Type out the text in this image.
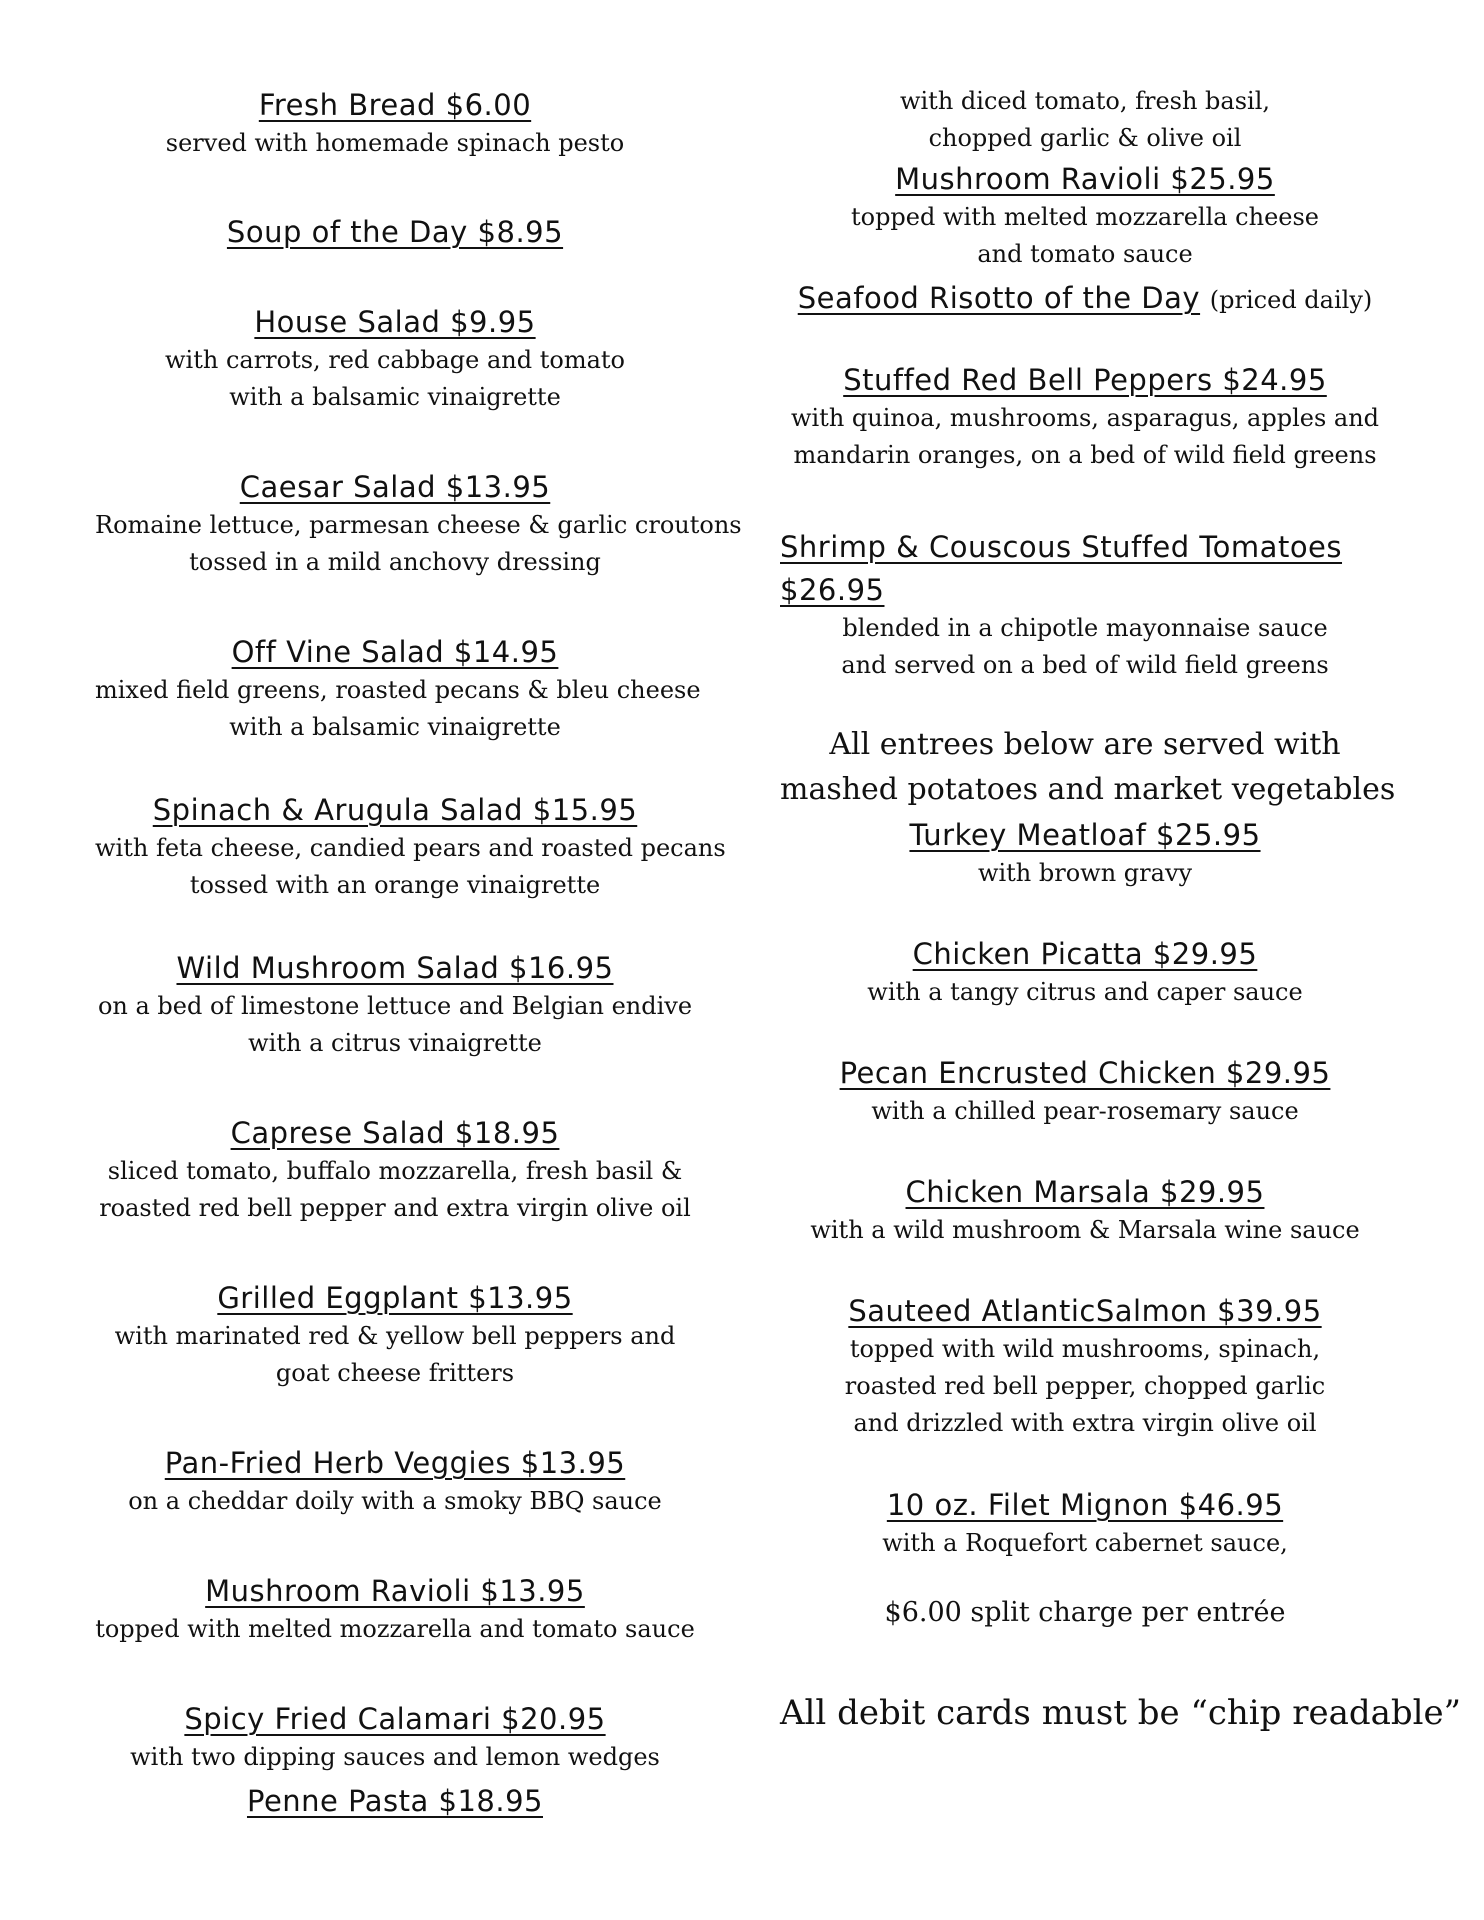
Fresh Bread $6.00
served with homemade spinach pesto
Soup of the Day $8.95
House Salad $9.95
with carrots, red cabbage and tomato
with a balsamic vinaigrette
Caesar Salad $13.95
Romaine lettuce, parmesan cheese & garlic croutons
tossed in a mild anchovy dressing
Off Vine Salad $14.95
mixed field greens, roasted pecans & bleu cheese
with a balsamic vinaigrette
Spinach & Arugula Salad $15.95
with feta cheese, candied pears and roasted pecans
tossed with an orange vinaigrette
Wild Mushroom Salad $16.95
on a bed of limestone lettuce and Belgian endive
with a citrus vinaigrette
Caprese Salad $18.95
sliced tomato, buffalo mozzarella, fresh basil &
roasted red bell pepper and extra virgin olive oil
Grilled Eggplant $13.95
with marinated red & yellow bell peppers and
goat cheese fritters
Pan-Fried Herb Veggies $13.95
on a cheddar doily with a smoky BBQ sauce
Mushroom Ravioli $13.95
topped with melted mozzarella and tomato sauce
Spicy Fried Calamari $20.95
with two dipping sauces and lemon wedges
Penne Pasta $18.95
with diced tomato, fresh basil,
chopped garlic & olive oil
Mushroom Ravioli $25.95
topped with melted mozzarella cheese
and tomato sauce
Seafood Risotto of the Day (priced daily)
Stuffed Red Bell Peppers $24.95
with quinoa, mushrooms, asparagus, apples and
mandarin oranges, on a bed of wild field greens
Shrimp & Couscous Stuffed Tomatoes
$26.95
blended in a chipotle mayonnaise sauce
and served on a bed of wild field greens
All entrees below are served with
mashed potatoes and market vegetables
Turkey Meatloaf $25.95
with brown gravy
Chicken Picatta $29.95
with a tangy citrus and caper sauce
Pecan Encrusted Chicken $29.95
with a chilled pear-rosemary sauce
Chicken Marsala $29.95
with a wild mushroom & Marsala wine sauce
Sauteed AtlanticSalmon $39.95
topped with wild mushrooms, spinach,
roasted red bell pepper, chopped garlic
and drizzled with extra virgin olive oil
10 oz. Filet Mignon $46.95
with a Roquefort cabernet sauce,
$6.00 split charge per entrée
All debit cards must be “chip readable”
